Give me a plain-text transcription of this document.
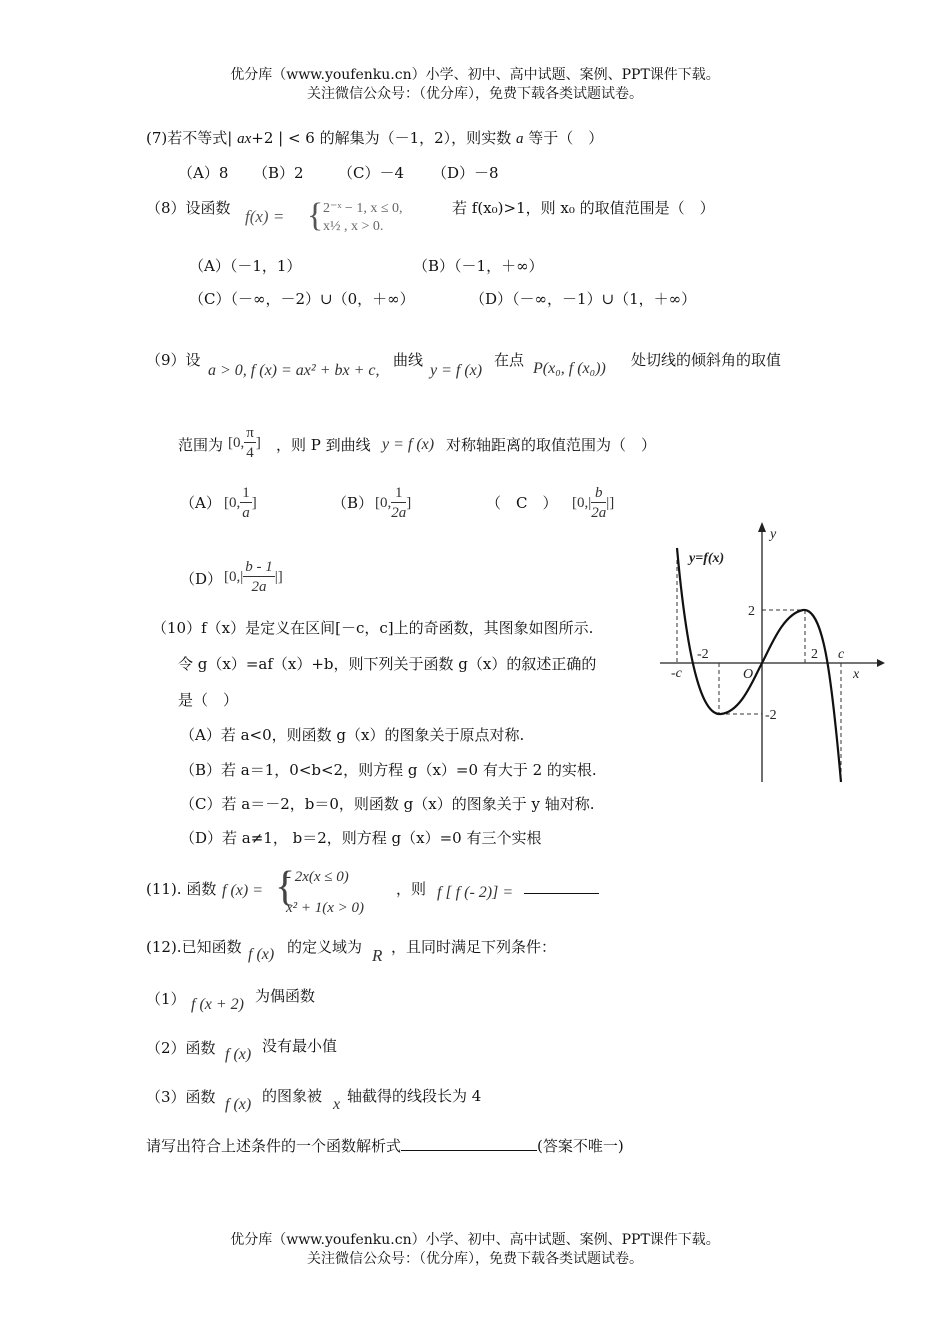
优分库（www.youfenku.cn）小学、初中、高中试题、案例、PPT课件下载。
关注微信公众号：（优分库），免费下载各类试题试卷。
(7)若不等式| ax+2 | < 6 的解集为（－1，2），则实数 a 等于（　）
（A）8 （B）2 （C）－4 （D）－8
（8）设函数 f(x) = { 2⁻ˣ − 1, x ≤ 0,
x½ , x > 0.
若 f(x₀)>1，则 x₀ 的取值范围是（　）
（A）（－1，1）	（B）（－1，＋∞）
（C）（－∞，－2）∪（0，＋∞）	（D）（－∞，－1）∪（1，＋∞）
（9）设
a > 0, f (x) = ax² + bx + c,
曲线
y = f (x)
在点 P(x₀, f (x₀)) 处切线的倾斜角的取值
范围为 [0, $\frac{\pi}{4}$ ] ，则 P 到曲线 y = f (x) 对称轴距离的取值范围为（　）
（A） [0, $\frac{1}{a}$ ]	（B） [0, $\frac{1}{2a}$ ]	（　C　） [$0,| \frac{b}{2a}$ |]
（D） [$0,| \frac{b - 1}{2a}$ |]
（10）f（x）是定义在区间[－c，c]上的奇函数，其图象如图所示.
令 g（x）=af（x）+b，则下列关于函数 g（x）的叙述正确的
是（　）
（A）若 a<0，则函数 g（x）的图象关于原点对称.
（B）若 a＝1，0<b<2，则方程 g（x）=0 有大于 2 的实根.
（C）若 a＝－2，b＝0，则函数 g（x）的图象关于 y 轴对称.
（D）若 a≠1， b＝2，则方程 g（x）=0 有三个实根
y=f(x)
y
x
O
2
-2
2
-2	c
-c
(11). 函数 f (x) = {
- 2x(x ≤ 0)
x² + 1(x > 0)
，则 f [ f (- 2)] =
(12).已知函数 f (x) 的定义域为 R ，且同时满足下列条件：
（1） f (x + 2) 为偶函数
（2）函数 f (x) 没有最小值
（3）函数 f (x) 的图象被 x 轴截得的线段长为 4
请写出符合上述条件的一个函数解析式	(答案不唯一)
优分库（www.youfenku.cn）小学、初中、高中试题、案例、PPT课件下载。
关注微信公众号：（优分库），免费下载各类试题试卷。
